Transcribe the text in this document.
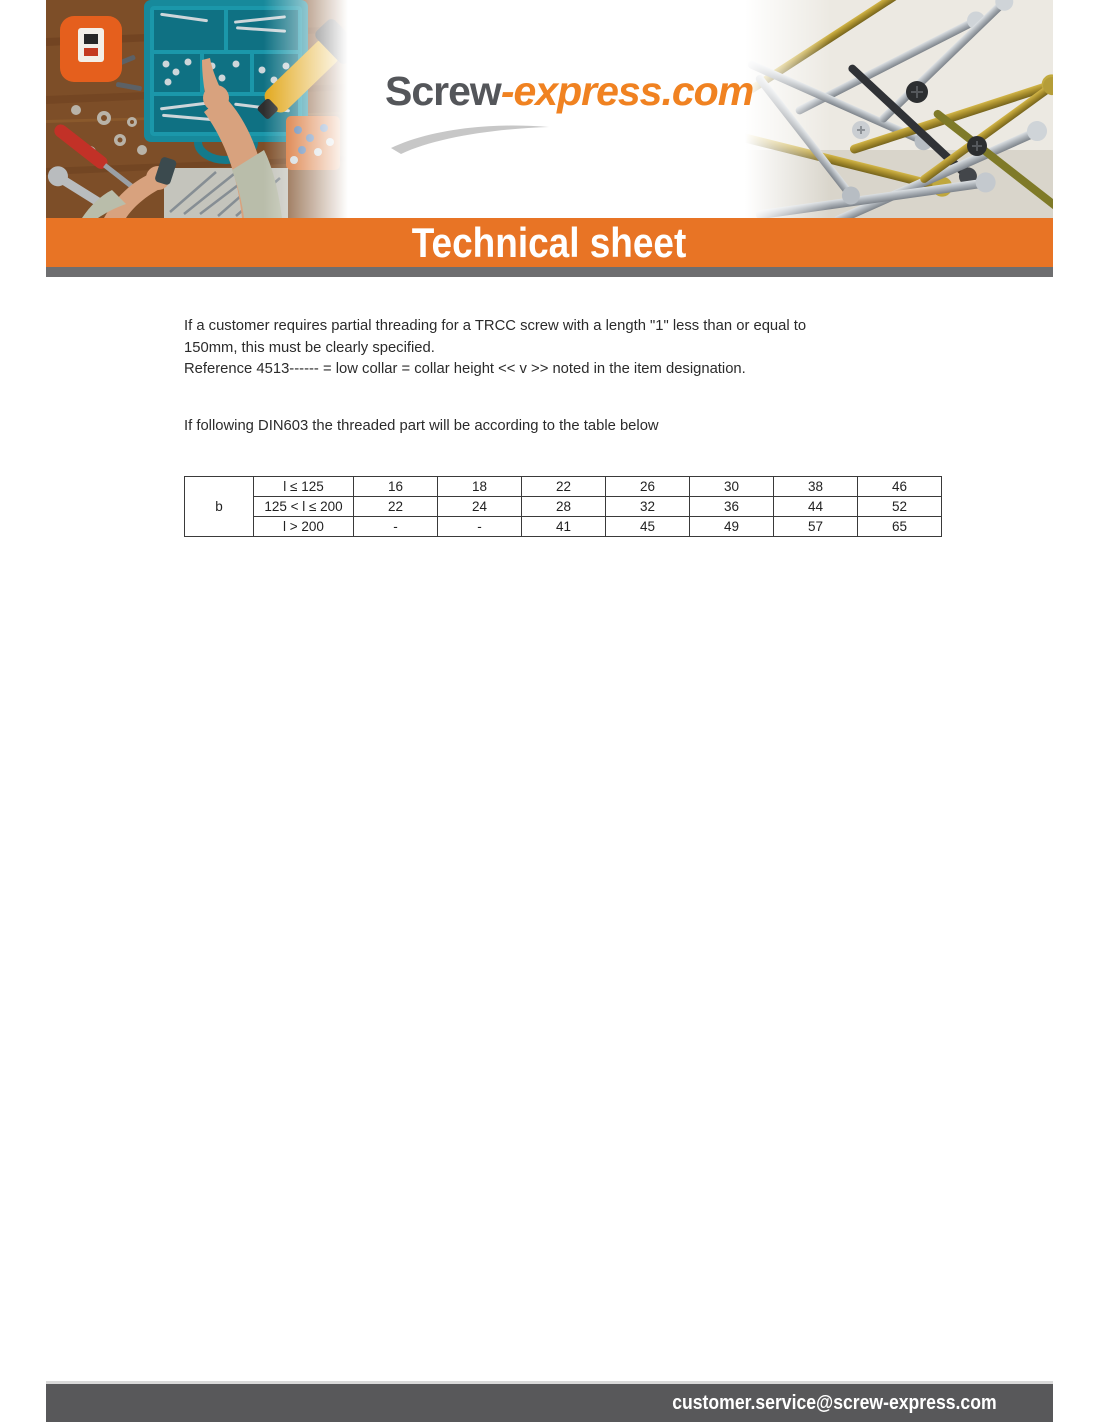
Screw-express.com
Technical sheet
If a customer requires partial threading for a TRCC screw with a length "1" less than or equal to
150mm, this must be clearly specified.
Reference 4513------ = low collar = collar height << v >> noted in the item designation.
If following DIN603 the threaded part will be according to the table below
b	l ≤ 125	16	18	22	26	30	38	46
	125 < l ≤ 200	22	24	28	32	36	44	52
	l > 200	-	-	41	45	49	57	65
customer.service@screw-express.com
